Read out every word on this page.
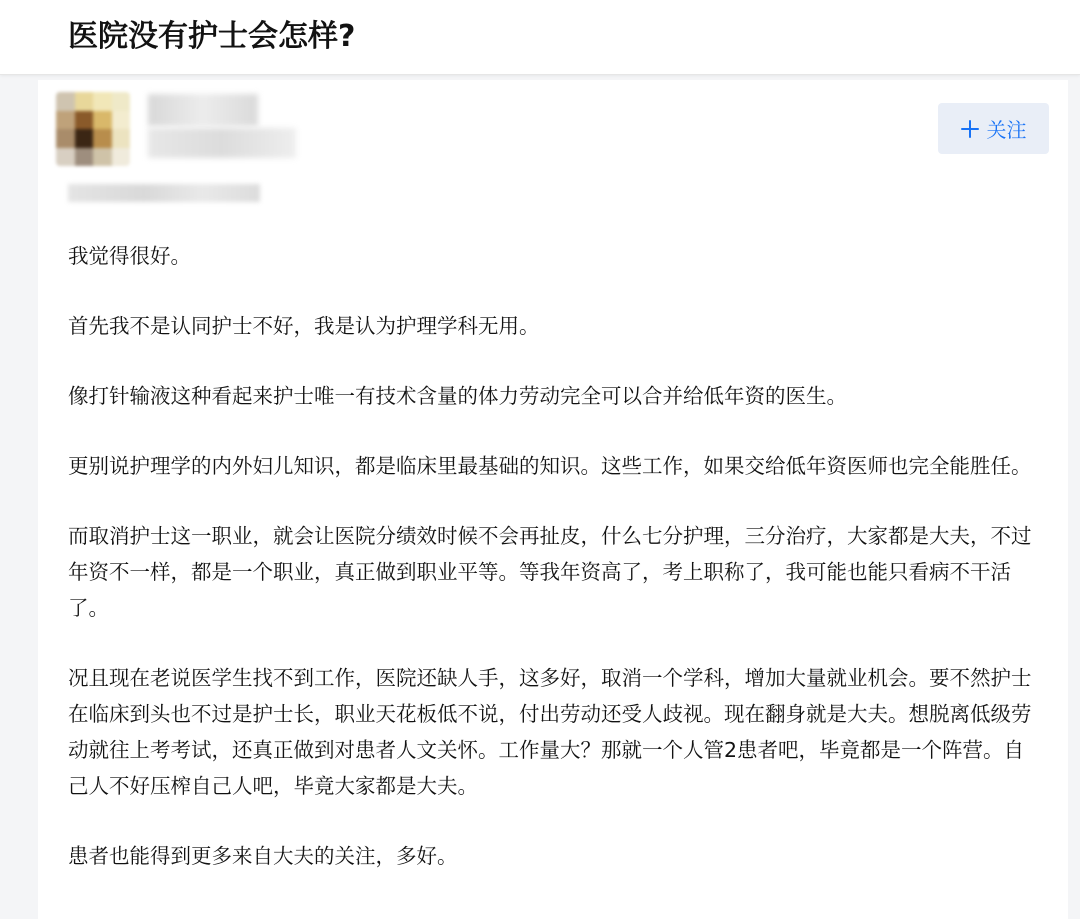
医院没有护士会怎样?
关注

我觉得很好。

首先我不是认同护士不好，我是认为护理学科无用。

像打针输液这种看起来护士唯一有技术含量的体力劳动完全可以合并给低年资的医生。

更别说护理学的内外妇儿知识，都是临床里最基础的知识。这些工作，如果交给低年资医师也完全能胜任。

而取消护士这一职业，就会让医院分绩效时候不会再扯皮，什么七分护理，三分治疗，大家都是大夫，不过年资不一样，都是一个职业，真正做到职业平等。等我年资高了，考上职称了，我可能也能只看病不干活了。

况且现在老说医学生找不到工作，医院还缺人手，这多好，取消一个学科，增加大量就业机会。要不然护士在临床到头也不过是护士长，职业天花板低不说，付出劳动还受人歧视。现在翻身就是大夫。想脱离低级劳动就往上考考试，还真正做到对患者人文关怀。工作量大？那就一个人管2患者吧，毕竟都是一个阵营。自己人不好压榨自己人吧，毕竟大家都是大夫。

患者也能得到更多来自大夫的关注，多好。
